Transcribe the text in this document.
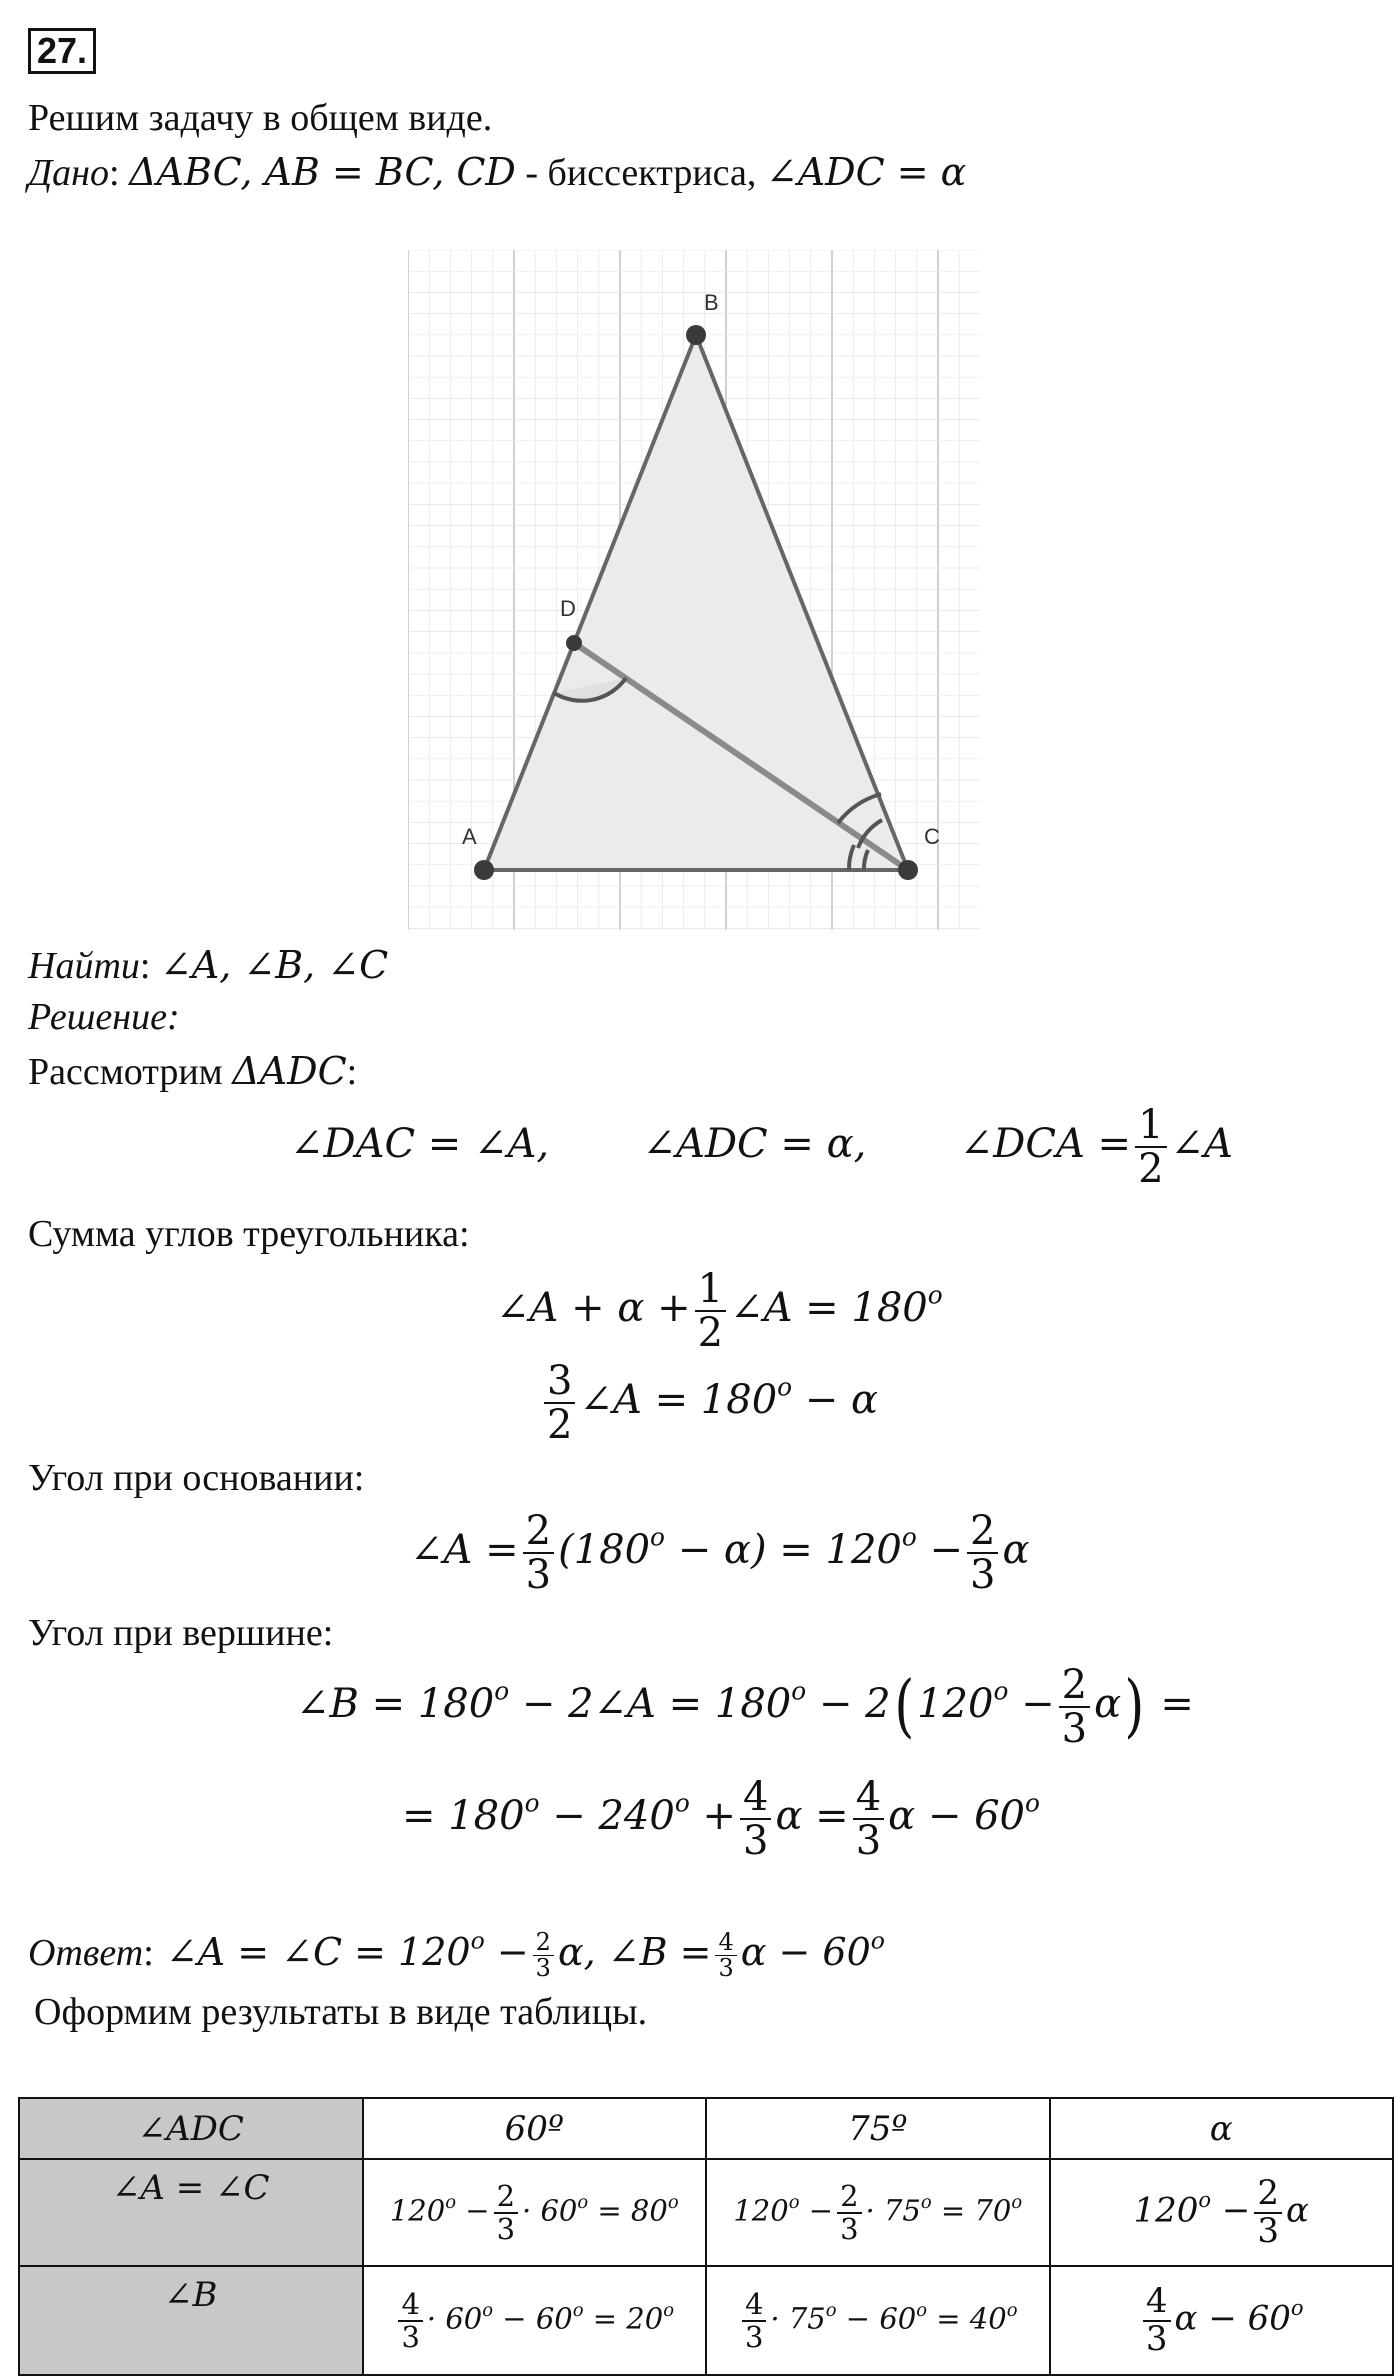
27.
Решим задачу в общем виде.
Дано: ΔABC, AB = BC, CD - биссектриса, ∠ADC = α
A
B
C
D
Найти: ∠A, ∠B, ∠C
Решение:
Рассмотрим ΔADC:
∠DAC = ∠A, ∠ADC = α, ∠DCA = $\frac{1}{2}$ ∠A
Сумма углов треугольника:
∠A + $\alpha + \frac{1}{2}$ ∠A = $180^o$
$\frac{3}{2}$ ∠A = $180^o - \alpha$
Угол при основании:
∠A = $\frac{2}{3} (180^o - \alpha) = 120^o - \frac{2}{3}$ α
Угол при вершине:
∠B = $180^o$ − 2∠A = $180^o - 2(120^o - \frac{2}{3} \alpha)$ =
= $180^o - 240^o + \frac{4}{3}$ $\alpha = \frac{4}{3}$ $\alpha - 60^o$
Ответ: ∠A = ∠C = $120^o - \frac{2}{3} \alpha$, ∠B = $\frac{4}{3}$ $\alpha - 60^o$
Оформим результаты в виде таблицы.
∠ADC	60º	75º	α
∠A = ∠C	$120^o - \frac{2}{3} \cdot 60^o = 80^o$	$120^o - \frac{2}{3} \cdot 75^o = 70^o$	$120^o - \frac{2}{3}$ α
∠B	$\frac{4}{3} \cdot 60^o - 60^o = 20^o$	$\frac{4}{3} \cdot 75^o - 60^o = 40^o$	$\frac{4}{3}$ $\alpha - 60^o$
